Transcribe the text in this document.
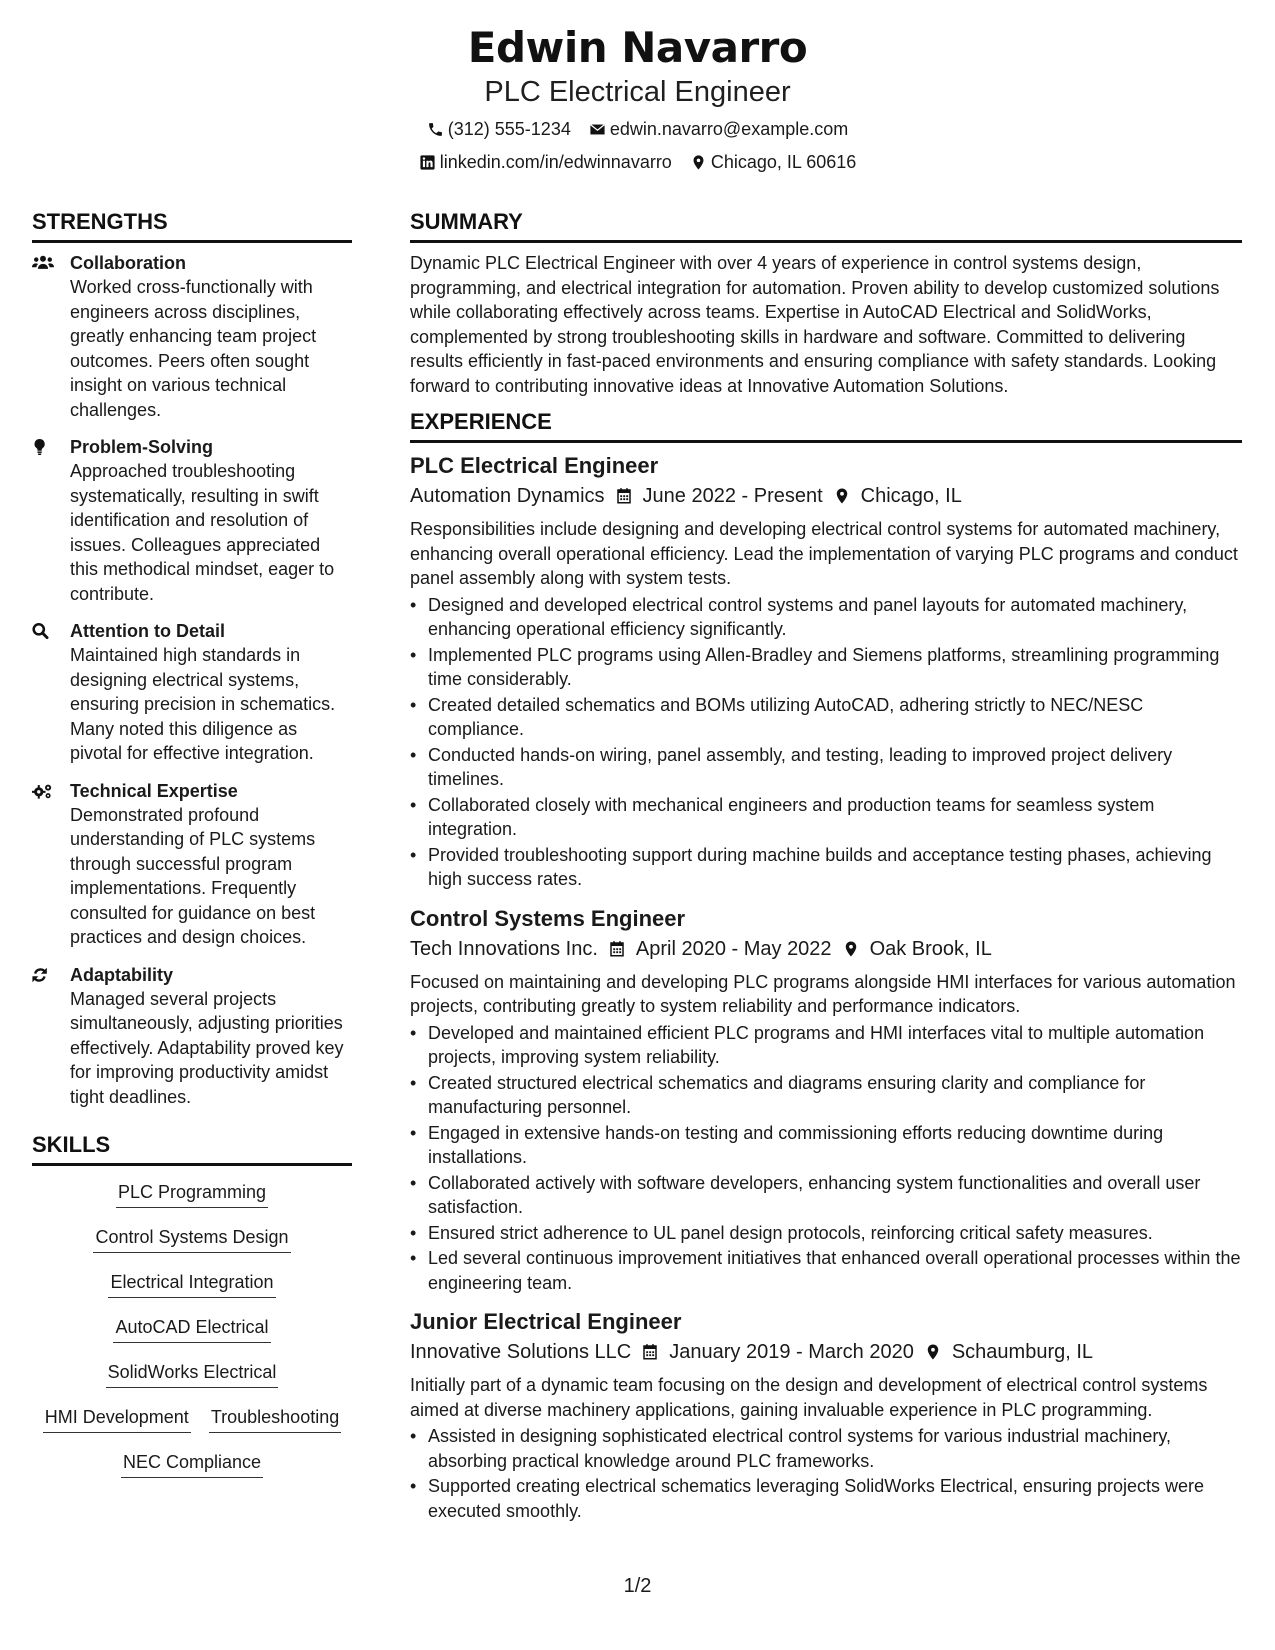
Edwin Navarro
PLC Electrical Engineer
(312) 555-1234 edwin.navarro@example.com
linkedin.com/in/edwinnavarro Chicago, IL 60616
STRENGTHS
Collaboration
Worked cross-functionally with engineers across disciplines, greatly enhancing team project outcomes. Peers often sought insight on various technical challenges.
Problem-Solving
Approached troubleshooting systematically, resulting in swift identification and resolution of issues. Colleagues appreciated this methodical mindset, eager to contribute.
Attention to Detail
Maintained high standards in designing electrical systems, ensuring precision in schematics. Many noted this diligence as pivotal for effective integration.
Technical Expertise
Demonstrated profound understanding of PLC systems through successful program implementations. Frequently consulted for guidance on best practices and design choices.
Adaptability
Managed several projects simultaneously, adjusting priorities effectively. Adaptability proved key for improving productivity amidst tight deadlines.
SKILLS
PLC Programming
Control Systems Design
Electrical Integration
AutoCAD Electrical
SolidWorks Electrical
HMI Development Troubleshooting
NEC Compliance
SUMMARY
Dynamic PLC Electrical Engineer with over 4 years of experience in control systems design, programming, and electrical integration for automation. Proven ability to develop customized solutions while collaborating effectively across teams. Expertise in AutoCAD Electrical and SolidWorks, complemented by strong troubleshooting skills in hardware and software. Committed to delivering results efficiently in fast-paced environments and ensuring compliance with safety standards. Looking forward to contributing innovative ideas at Innovative Automation Solutions.
EXPERIENCE
PLC Electrical Engineer
Automation Dynamics June 2022 - Present Chicago, IL
Responsibilities include designing and developing electrical control systems for automated machinery, enhancing overall operational efficiency. Lead the implementation of varying PLC programs and conduct panel assembly along with system tests.
• Designed and developed electrical control systems and panel layouts for automated machinery, enhancing operational efficiency significantly.
• Implemented PLC programs using Allen-Bradley and Siemens platforms, streamlining programming time considerably.
• Created detailed schematics and BOMs utilizing AutoCAD, adhering strictly to NEC/NESC compliance.
• Conducted hands-on wiring, panel assembly, and testing, leading to improved project delivery timelines.
• Collaborated closely with mechanical engineers and production teams for seamless system integration.
• Provided troubleshooting support during machine builds and acceptance testing phases, achieving high success rates.
Control Systems Engineer
Tech Innovations Inc. April 2020 - May 2022 Oak Brook, IL
Focused on maintaining and developing PLC programs alongside HMI interfaces for various automation projects, contributing greatly to system reliability and performance indicators.
• Developed and maintained efficient PLC programs and HMI interfaces vital to multiple automation projects, improving system reliability.
• Created structured electrical schematics and diagrams ensuring clarity and compliance for manufacturing personnel.
• Engaged in extensive hands-on testing and commissioning efforts reducing downtime during installations.
• Collaborated actively with software developers, enhancing system functionalities and overall user satisfaction.
• Ensured strict adherence to UL panel design protocols, reinforcing critical safety measures.
• Led several continuous improvement initiatives that enhanced overall operational processes within the engineering team.
Junior Electrical Engineer
Innovative Solutions LLC January 2019 - March 2020 Schaumburg, IL
Initially part of a dynamic team focusing on the design and development of electrical control systems aimed at diverse machinery applications, gaining invaluable experience in PLC programming.
• Assisted in designing sophisticated electrical control systems for various industrial machinery, absorbing practical knowledge around PLC frameworks.
• Supported creating electrical schematics leveraging SolidWorks Electrical, ensuring projects were executed smoothly.
1/2
